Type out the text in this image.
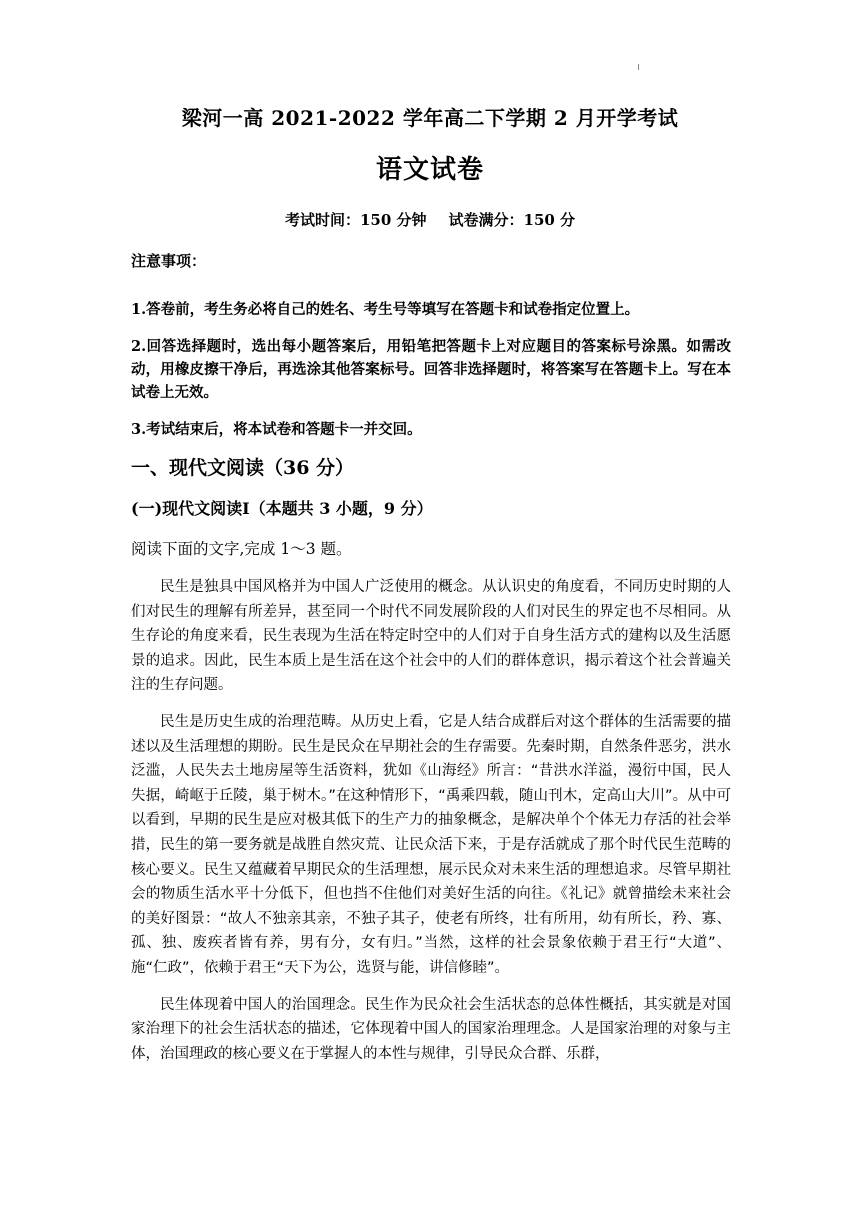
梁河一高 2021-2022 学年高二下学期 2 月开学考试
语文试卷
考试时间：150 分钟 试卷满分：150 分
注意事项：
1.答卷前，考生务必将自己的姓名、考生号等填写在答题卡和试卷指定位置上。
2.回答选择题时，选出每小题答案后，用铅笔把答题卡上对应题目的答案标号涂黑。如需改动，用橡皮擦干净后，再选涂其他答案标号。回答非选择题时，将答案写在答题卡上。写在本试卷上无效。
3.考试结束后，将本试卷和答题卡一并交回。
一、现代文阅读（36 分）
(一)现代文阅读Ⅰ（本题共 3 小题，9 分）
阅读下面的文字,完成 1～3 题。

民生是独具中国风格并为中国人广泛使用的概念。从认识史的角度看，不同历史时期的人们对民生的理解有所差异，甚至同一个时代不同发展阶段的人们对民生的界定也不尽相同。从生存论的角度来看，民生表现为生活在特定时空中的人们对于自身生活方式的建构以及生活愿景的追求。因此，民生本质上是生活在这个社会中的人们的群体意识，揭示着这个社会普遍关注的生存问题。

民生是历史生成的治理范畴。从历史上看，它是人结合成群后对这个群体的生活需要的描述以及生活理想的期盼。民生是民众在早期社会的生存需要。先秦时期，自然条件恶劣，洪水泛滥，人民失去土地房屋等生活资料，犹如《山海经》所言：“昔洪水洋溢，漫衍中国，民人失据，崎岖于丘陵，巢于树木。”在这种情形下，“禹乘四载，随山刊木，定高山大川”。从中可以看到，早期的民生是应对极其低下的生产力的抽象概念，是解决单个个体无力存活的社会举措，民生的第一要务就是战胜自然灾荒、让民众活下来，于是存活就成了那个时代民生范畴的核心要义。民生又蕴藏着早期民众的生活理想，展示民众对未来生活的理想追求。尽管早期社会的物质生活水平十分低下，但也挡不住他们对美好生活的向往。《礼记》就曾描绘未来社会的美好图景：“故人不独亲其亲，不独子其子，使老有所终，壮有所用，幼有所长，矜、寡、孤、独、废疾者皆有养，男有分，女有归。”当然，这样的社会景象依赖于君王行“大道”、施“仁政”，依赖于君王“天下为公，选贤与能，讲信修睦”。

民生体现着中国人的治国理念。民生作为民众社会生活状态的总体性概括，其实就是对国家治理下的社会生活状态的描述，它体现着中国人的国家治理理念。人是国家治理的对象与主体，治国理政的核心要义在于掌握人的本性与规律，引导民众合群、乐群，
